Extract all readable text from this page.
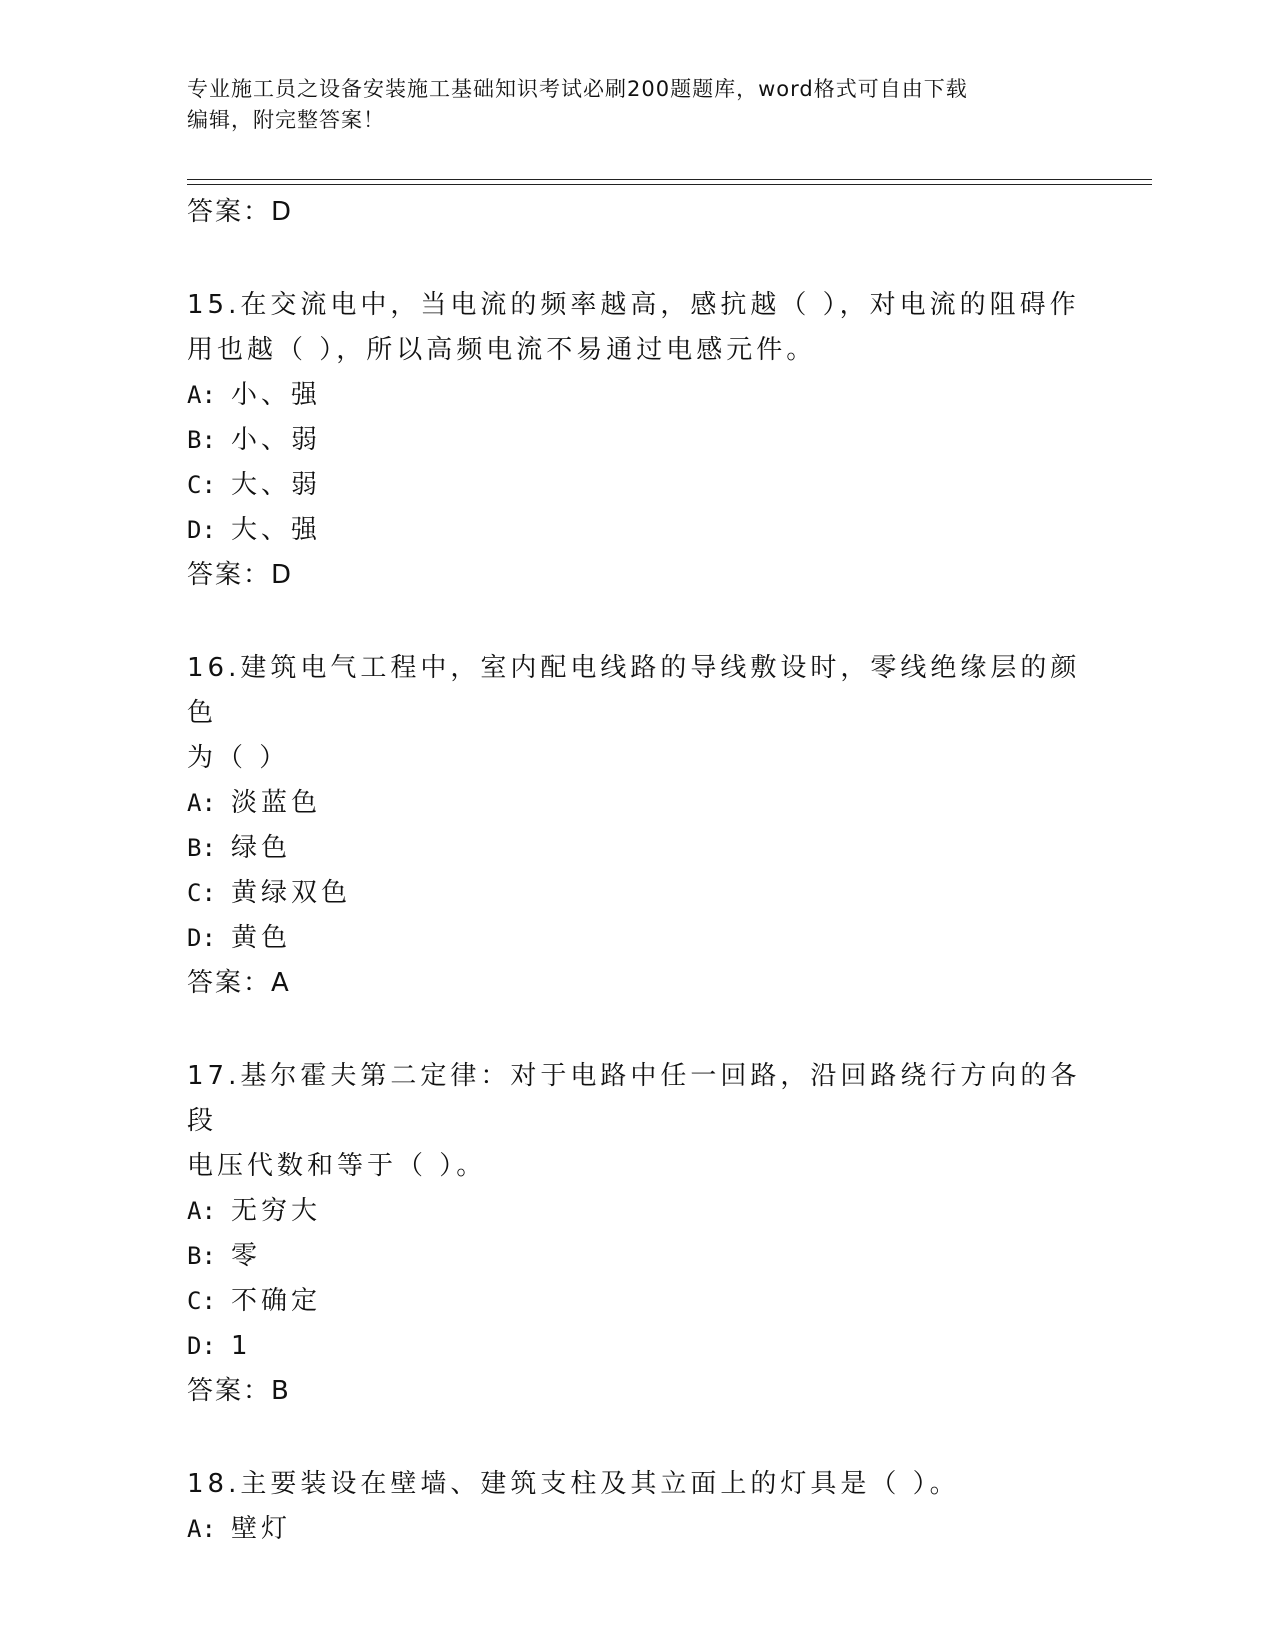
专业施工员之设备安装施工基础知识考试必刷200题题库，word格式可自由下载
编辑，附完整答案！
答案：D
15.在交流电中，当电流的频率越高，感抗越（ ），对电流的阻碍作
用也越（ ），所以高频电流不易通过电感元件。
A: 小、强
B: 小、弱
C: 大、弱
D: 大、强
答案：D
16.建筑电气工程中，室内配电线路的导线敷设时，零线绝缘层的颜色
为（ ）
A: 淡蓝色
B: 绿色
C: 黄绿双色
D: 黄色
答案：A
17.基尔霍夫第二定律：对于电路中任一回路，沿回路绕行方向的各段
电压代数和等于（ ）。
A: 无穷大
B: 零
C: 不确定
D: 1
答案：B
18.主要装设在壁墙、建筑支柱及其立面上的灯具是（ ）。
A: 壁灯
